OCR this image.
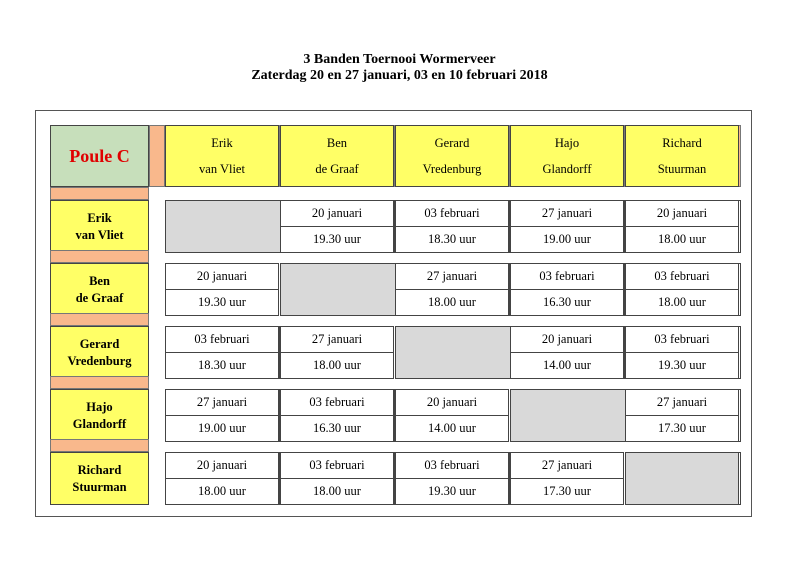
3 Banden Toernooi Wormerveer
Zaterdag 20 en 27 januari, 03 en 10 februari 2018
Poule C
Erik
van Vliet
Ben
de Graaf
Gerard
Vredenburg
Hajo
Glandorff
Richard
Stuurman
Erik
van Vliet
20 januari
19.30 uur
03 februari
18.30 uur
27 januari
19.00 uur
20 januari
18.00 uur
Ben
de Graaf
20 januari
19.30 uur
27 januari
18.00 uur
03 februari
16.30 uur
03 februari
18.00 uur
Gerard
Vredenburg
03 februari
18.30 uur
27 januari
18.00 uur
20 januari
14.00 uur
03 februari
19.30 uur
Hajo
Glandorff
27 januari
19.00 uur
03 februari
16.30 uur
20 januari
14.00 uur
27 januari
17.30 uur
Richard
Stuurman
20 januari
18.00 uur
03 februari
18.00 uur
03 februari
19.30 uur
27 januari
17.30 uur
